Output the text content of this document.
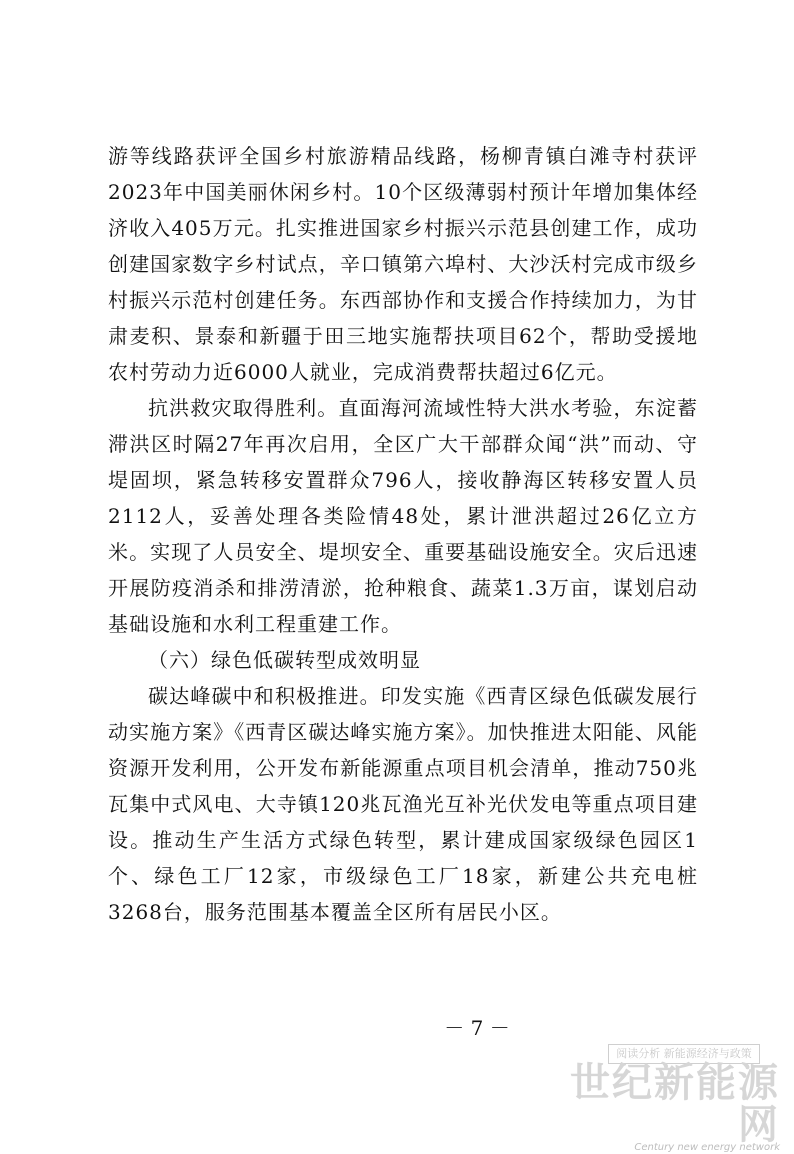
游等线路获评全国乡村旅游精品线路，杨柳青镇白滩寺村获评2023年中国美丽休闲乡村。10个区级薄弱村预计年增加集体经济收入405万元。扎实推进国家乡村振兴示范县创建工作，成功创建国家数字乡村试点，辛口镇第六埠村、大沙沃村完成市级乡村振兴示范村创建任务。东西部协作和支援合作持续加力，为甘肃麦积、景泰和新疆于田三地实施帮扶项目62个，帮助受援地农村劳动力近6000人就业，完成消费帮扶超过6亿元。

抗洪救灾取得胜利。直面海河流域性特大洪水考验，东淀蓄滞洪区时隔27年再次启用，全区广大干部群众闻“洪”而动、守堤固坝，紧急转移安置群众796人，接收静海区转移安置人员2112人，妥善处理各类险情48处，累计泄洪超过26亿立方米。实现了人员安全、堤坝安全、重要基础设施安全。灾后迅速开展防疫消杀和排涝清淤，抢种粮食、蔬菜1.3万亩，谋划启动基础设施和水利工程重建工作。

（六）绿色低碳转型成效明显

碳达峰碳中和积极推进。印发实施《西青区绿色低碳发展行动实施方案》《西青区碳达峰实施方案》。加快推进太阳能、风能资源开发利用，公开发布新能源重点项目机会清单，推动750兆瓦集中式风电、大寺镇120兆瓦渔光互补光伏发电等重点项目建设。推动生产生活方式绿色转型，累计建成国家级绿色园区1个、绿色工厂12家，市级绿色工厂18家，新建公共充电桩3268台，服务范围基本覆盖全区所有居民小区。

－ 7 －
阅读分析 新能源经济与政策
世纪新能源网
Century new energy network
